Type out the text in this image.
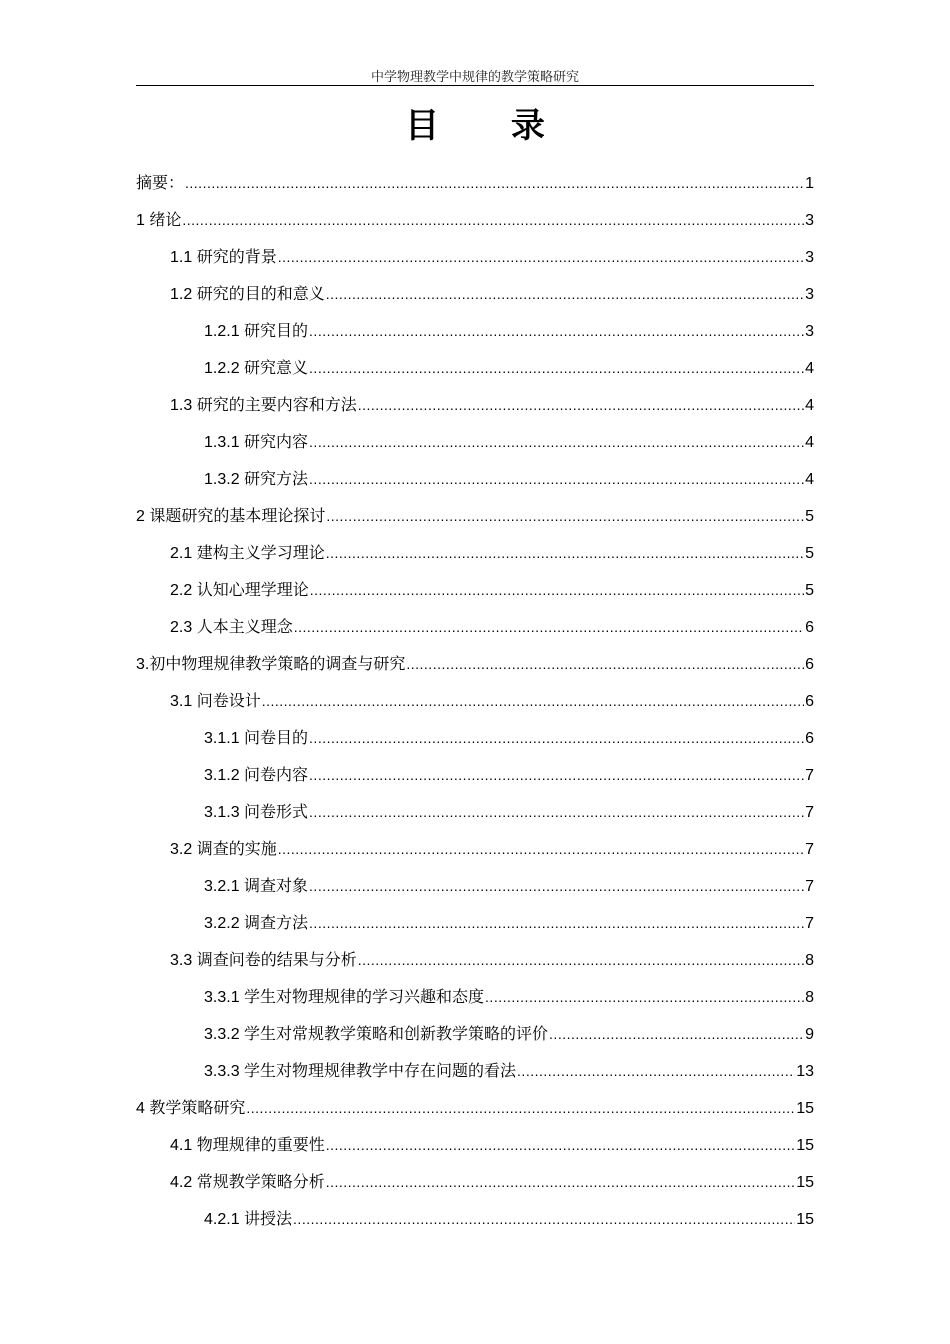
中学物理教学中规律的教学策略研究
目 录
摘要： .....	1
1 绪论 .....	3
1.1 研究的背景 .....	3
1.2 研究的目的和意义 .....	3
1.2.1 研究目的 .....	3
1.2.2 研究意义 .....	4
1.3 研究的主要内容和方法 .....	4
1.3.1 研究内容 .....	4
1.3.2 研究方法 .....	4
2 课题研究的基本理论探讨 .....	5
2.1 建构主义学习理论 .....	5
2.2 认知心理学理论 .....	5
2.3 人本主义理念 .....	6
3.初中物理规律教学策略的调查与研究 .....	6
3.1 问卷设计 .....	6
3.1.1 问卷目的 .....	6
3.1.2 问卷内容 .....	7
3.1.3 问卷形式 .....	7
3.2 调查的实施 .....	7
3.2.1 调查对象 .....	7
3.2.2 调查方法 .....	7
3.3 调查问卷的结果与分析 .....	8
3.3.1 学生对物理规律的学习兴趣和态度 .....	8
3.3.2 学生对常规教学策略和创新教学策略的评价 .....	9
3.3.3 学生对物理规律教学中存在问题的看法 .....	13
4 教学策略研究 .....	15
4.1 物理规律的重要性 .....	15
4.2 常规教学策略分析 .....	15
4.2.1 讲授法 .....	15
